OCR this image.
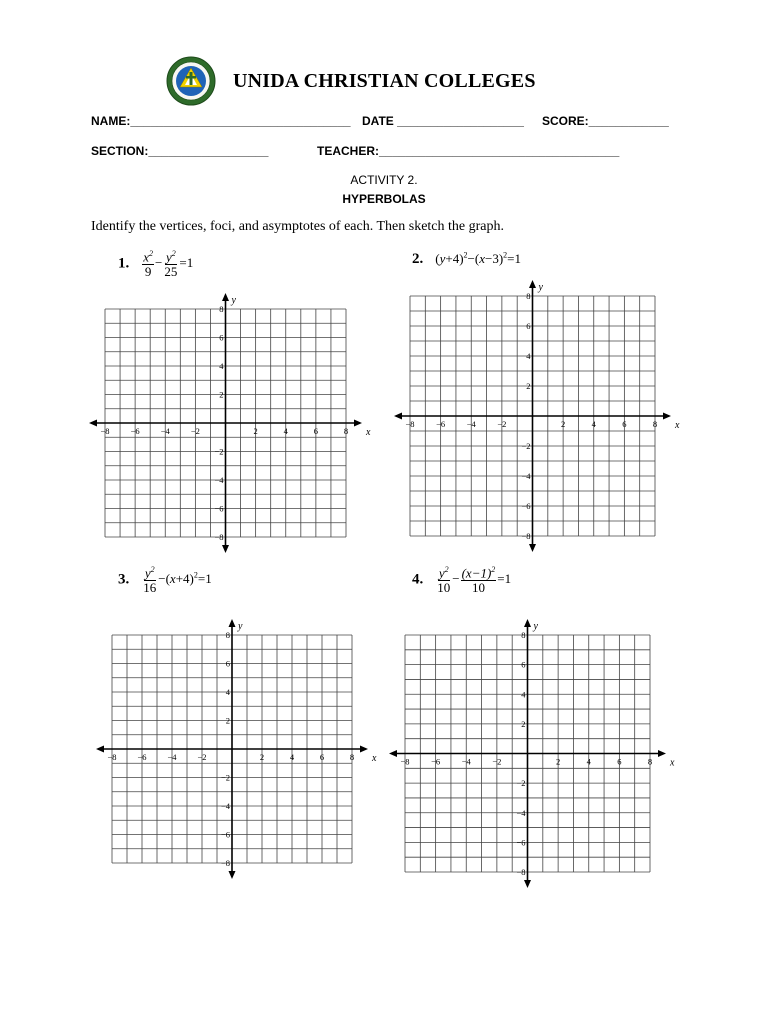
UNIDA CHRISTIAN COLLEGES
NAME:_________________________________ DATE ___________________ SCORE:____________
SECTION:__________________	TEACHER:____________________________________
ACTIVITY 2.
HYPERBOLAS
Identify the vertices, foci, and asymptotes of each. Then sketch the graph.
1. $\frac{x^2}{9} - \frac{y^2}{25} =1$	2. $(y+4)^2-(x-3)^2=1$
3. $\frac{y^2}{16} -(x+4)^2=1$	4. $\frac{y^2}{10} - \frac{(x-1)^2}{10} =1$
x
y
−8 −6 −4 −2	2	4	6	8
8
6
4
2
−2
−4
−6
−8
x
y
−8	−6	−4	−2	2	4	6	8
8
6
4
2
−2
−4
−6
−8
x
y
−8 −6 −4 −2	2	4	6	8
8
6
4
2
−2
−4
−6
−8
x
y
−8	−6	−4	−2	2	4	6	8
8
6
4
2
−2
−4
−6
−8
